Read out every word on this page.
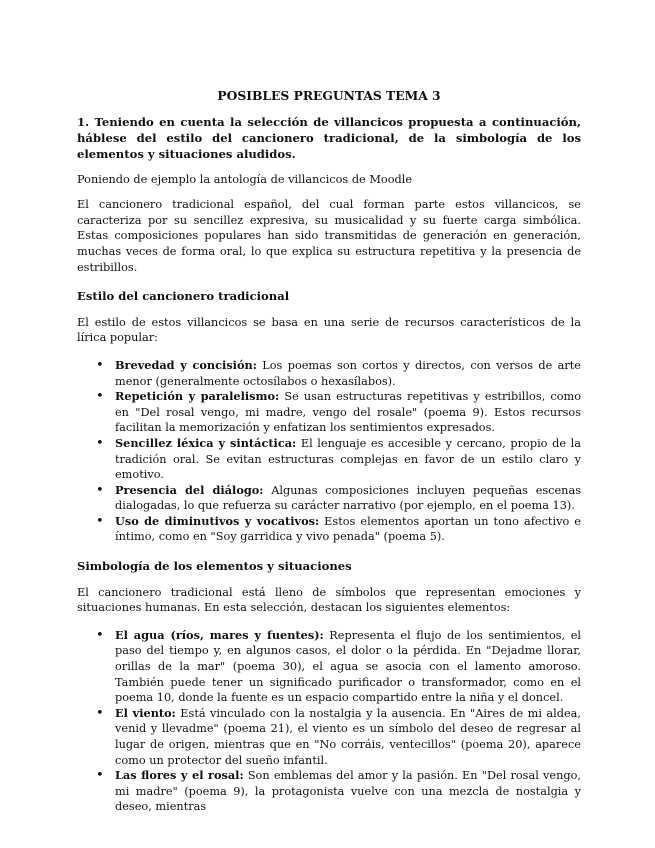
POSIBLES PREGUNTAS TEMA 3
1. Teniendo en cuenta la selección de villancicos propuesta a continuación, háblese del estilo del cancionero tradicional, de la simbología de los elementos y situaciones aludidos.

Poniendo de ejemplo la antología de villancicos de Moodle

El cancionero tradicional español, del cual forman parte estos villancicos, se caracteriza por su sencillez expresiva, su musicalidad y su fuerte carga simbólica. Estas composiciones populares han sido transmitidas de generación en generación, muchas veces de forma oral, lo que explica su estructura repetitiva y la presencia de estribillos.

Estilo del cancionero tradicional

El estilo de estos villancicos se basa en una serie de recursos característicos de la lírica popular:

• Brevedad y concisión: Los poemas son cortos y directos, con versos de arte menor (generalmente octosílabos o hexasílabos).
• Repetición y paralelismo: Se usan estructuras repetitivas y estribillos, como en "Del rosal vengo, mi madre, vengo del rosale" (poema 9). Estos recursos facilitan la memorización y enfatizan los sentimientos expresados.
• Sencillez léxica y sintáctica: El lenguaje es accesible y cercano, propio de la tradición oral. Se evitan estructuras complejas en favor de un estilo claro y emotivo.
• Presencia del diálogo: Algunas composiciones incluyen pequeñas escenas dialogadas, lo que refuerza su carácter narrativo (por ejemplo, en el poema 13).
• Uso de diminutivos y vocativos: Estos elementos aportan un tono afectivo e íntimo, como en "Soy garridica y vivo penada" (poema 5).
Simbología de los elementos y situaciones

El cancionero tradicional está lleno de símbolos que representan emociones y situaciones humanas. En esta selección, destacan los siguientes elementos:

• El agua (ríos, mares y fuentes): Representa el flujo de los sentimientos, el paso del tiempo y, en algunos casos, el dolor o la pérdida. En "Dejadme llorar, orillas de la mar" (poema 30), el agua se asocia con el lamento amoroso. También puede tener un significado purificador o transformador, como en el poema 10, donde la fuente es un espacio compartido entre la niña y el doncel.
• El viento: Está vinculado con la nostalgia y la ausencia. En "Aires de mi aldea, venid y llevadme" (poema 21), el viento es un símbolo del deseo de regresar al lugar de origen, mientras que en "No corráis, ventecillos" (poema 20), aparece como un protector del sueño infantil.
• Las flores y el rosal: Son emblemas del amor y la pasión. En "Del rosal vengo, mi madre" (poema 9), la protagonista vuelve con una mezcla de nostalgia y deseo, mientras
